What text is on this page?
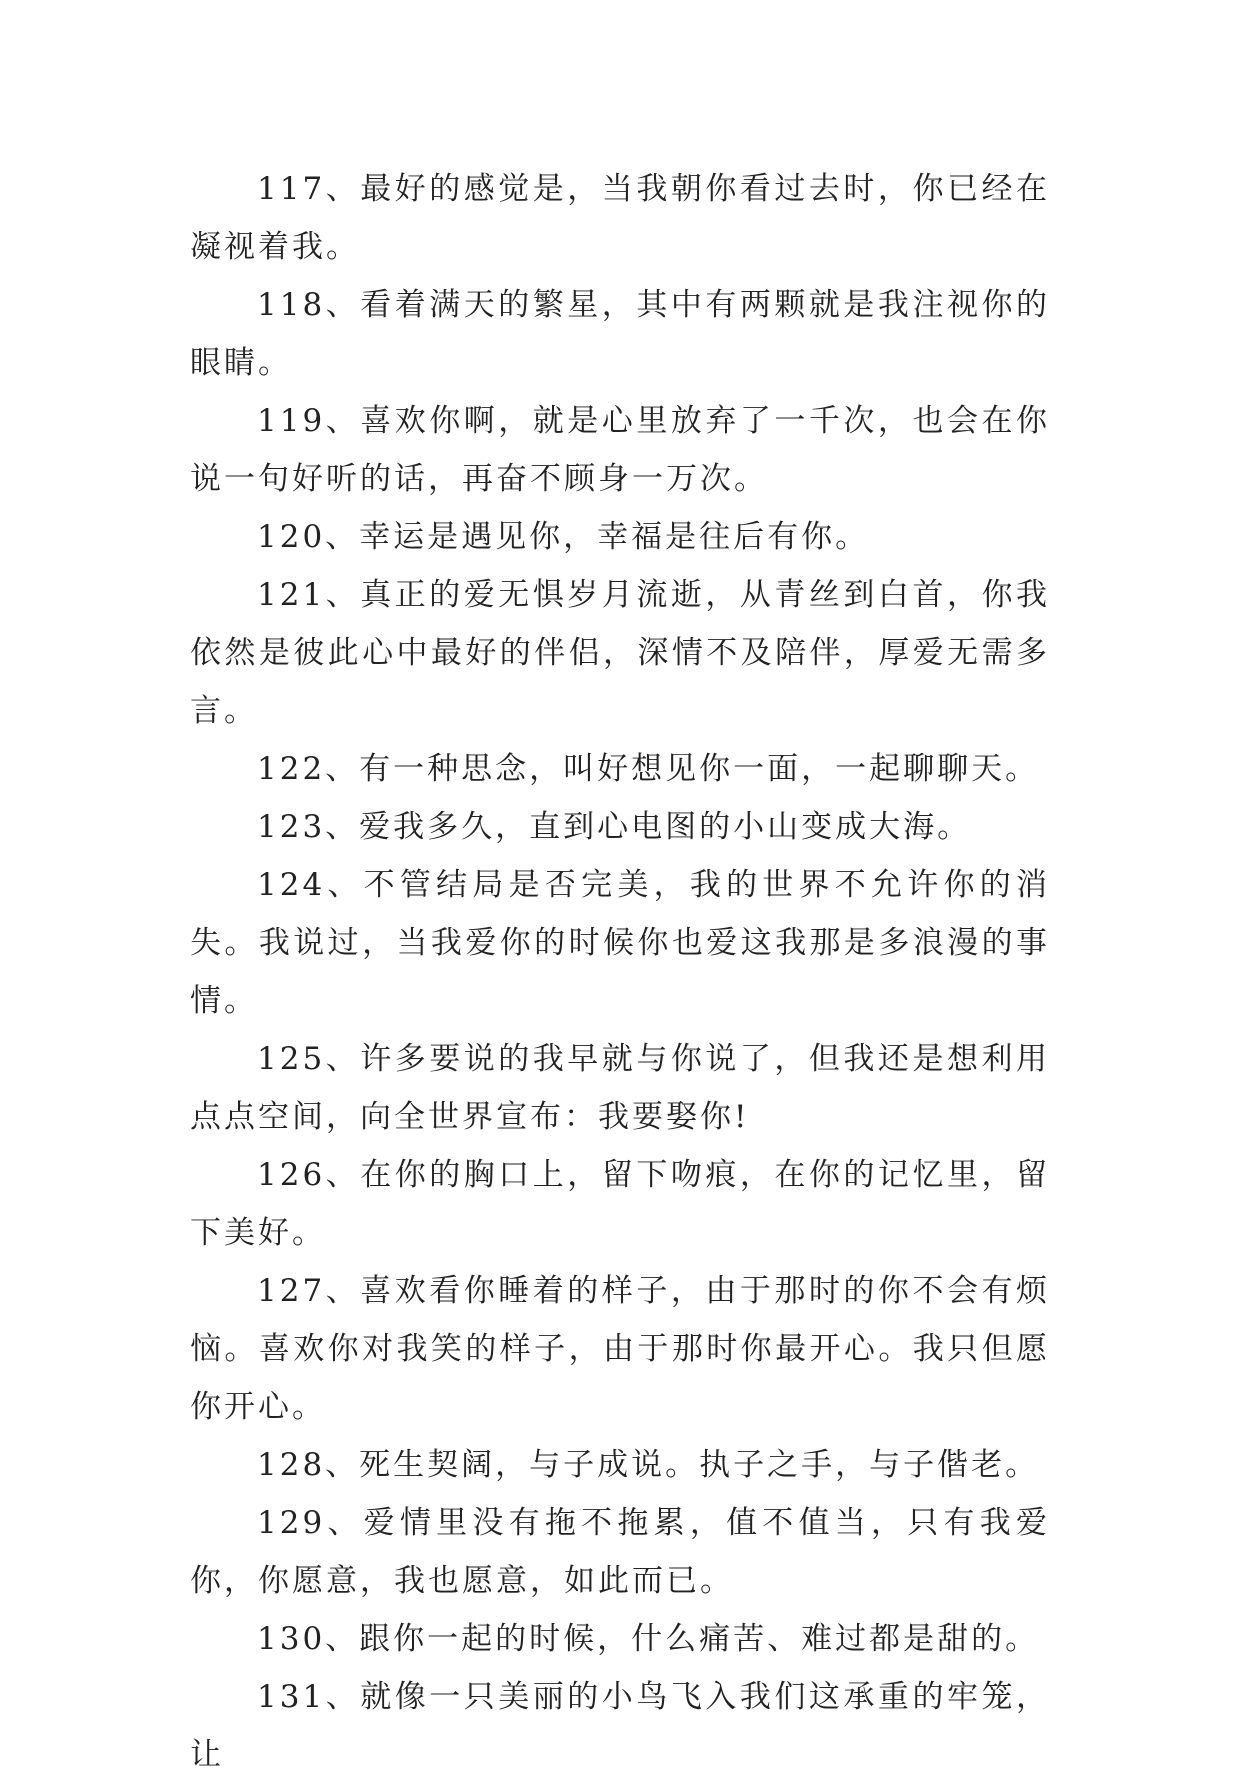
117、最好的感觉是，当我朝你看过去时，你已经在凝视着我。

118、看着满天的繁星，其中有两颗就是我注视你的眼睛。

119、喜欢你啊，就是心里放弃了一千次，也会在你说一句好听的话，再奋不顾身一万次。

120、幸运是遇见你，幸福是往后有你。

121、真正的爱无惧岁月流逝，从青丝到白首，你我依然是彼此心中最好的伴侣，深情不及陪伴，厚爱无需多言。

122、有一种思念，叫好想见你一面，一起聊聊天。

123、爱我多久，直到心电图的小山变成大海。

124、不管结局是否完美，我的世界不允许你的消失。我说过，当我爱你的时候你也爱这我那是多浪漫的事情。

125、许多要说的我早就与你说了，但我还是想利用点点空间，向全世界宣布：我要娶你!

126、在你的胸口上，留下吻痕，在你的记忆里，留下美好。

127、喜欢看你睡着的样子，由于那时的你不会有烦恼。喜欢你对我笑的样子，由于那时你最开心。我只但愿你开心。

128、死生契阔，与子成说。执子之手，与子偕老。

129、爱情里没有拖不拖累，值不值当，只有我爱你，你愿意，我也愿意，如此而已。

130、跟你一起的时候，什么痛苦、难过都是甜的。

131、就像一只美丽的小鸟飞入我们这承重的牢笼，让
